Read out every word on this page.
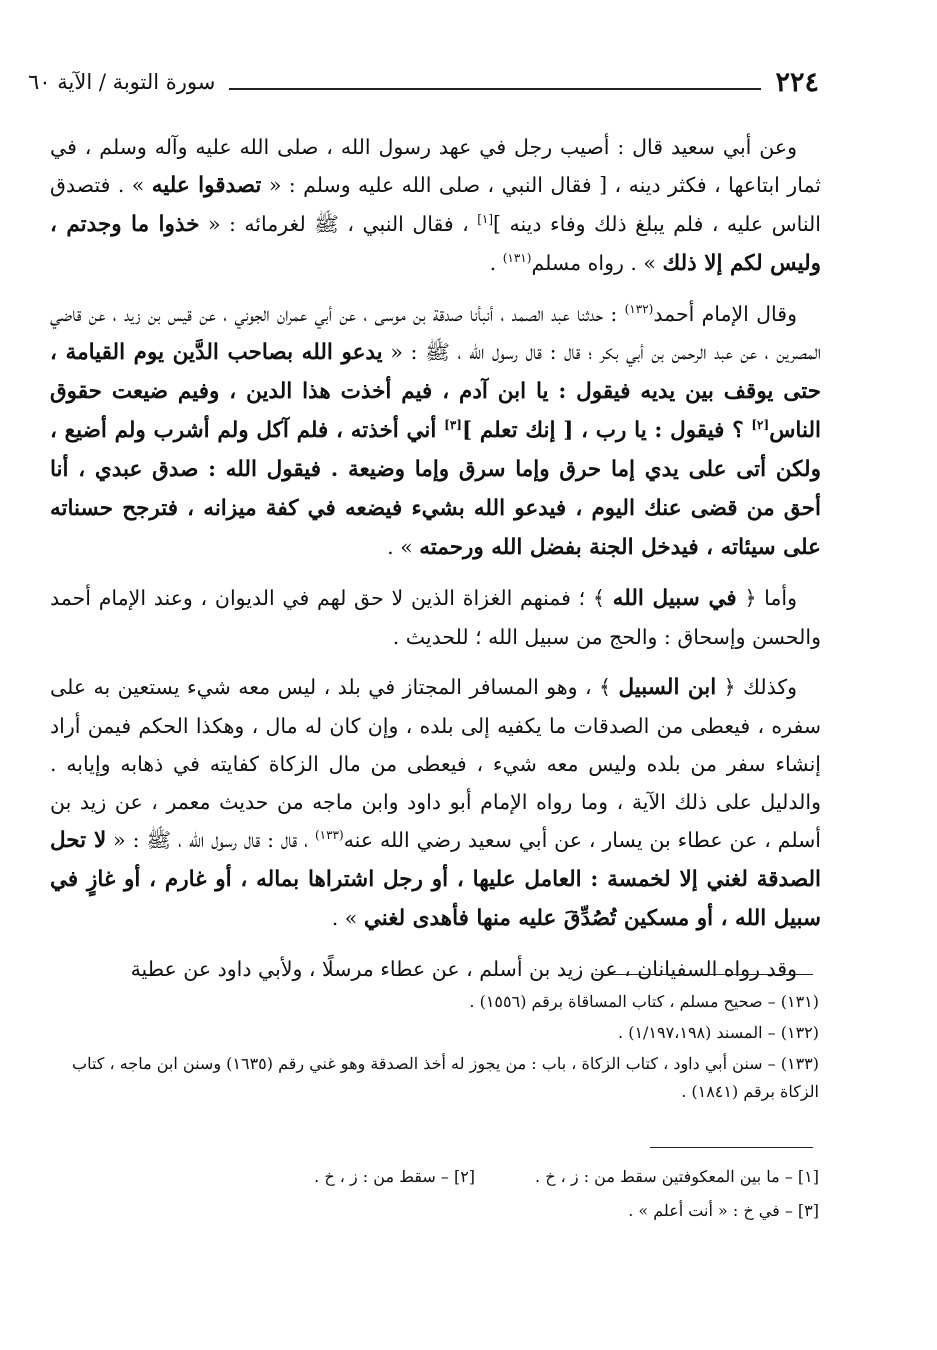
٢٢٤
سورة التوبة / الآية ٦٠

وعن أبي سعيد قال : أصيب رجل في عهد رسول الله ، صلى الله عليه وآله وسلم ، في ثمار ابتاعها ، فكثر دينه ، [ فقال النبي ، صلى الله عليه وسلم : « تصدقوا عليه » . فتصدق الناس عليه ، فلم يبلغ ذلك وفاء دينه ][١] ، فقال النبي ، ﷺ لغرمائه : « خذوا ما وجدتم ، وليس لكم إلا ذلك » . رواه مسلم$^{(١٣١)}$ .

وقال الإمام أحمد$^{(١٣٢)}$ : حدثنا عبد الصمد ، أنبأنا صدقة بن موسى ، عن أبي عمران الجوني ، عن قيس بن زيد ، عن قاضي المصرين ، عن عبد الرحمن بن أبي بكر ؛ قال : قال رسول الله ، ﷺ : « يدعو الله بصاحب الدَّين يوم القيامة ، حتى يوقف بين يديه فيقول : يا ابن آدم ، فيم أخذت هذا الدين ، وفيم ضيعت حقوق الناس[٢] ؟ فيقول : يا رب ، [ إنك تعلم ][٣] أني أخذته ، فلم آكل ولم أشرب ولم أضيع ، ولكن أتى على يدي إما حرق وإما سرق وإما وضيعة . فيقول الله : صدق عبدي ، أنا أحق من قضى عنك اليوم ، فيدعو الله بشيء فيضعه في كفة ميزانه ، فترجح حسناته على سيئاته ، فيدخل الجنة بفضل الله ورحمته » .

وأما ﴿ في سبيل الله ﴾ ؛ فمنهم الغزاة الذين لا حق لهم في الديوان ، وعند الإمام أحمد والحسن وإسحاق : والحج من سبيل الله ؛ للحديث .

وكذلك ﴿ ابن السبيل ﴾ ، وهو المسافر المجتاز في بلد ، ليس معه شيء يستعين به على سفره ، فيعطى من الصدقات ما يكفيه إلى بلده ، وإن كان له مال ، وهكذا الحكم فيمن أراد إنشاء سفر من بلده وليس معه شيء ، فيعطى من مال الزكاة كفايته في ذهابه وإيابه . والدليل على ذلك الآية ، وما رواه الإمام أبو داود وابن ماجه من حديث معمر ، عن زيد بن أسلم ، عن عطاء بن يسار ، عن أبي سعيد رضي الله عنه$^{(١٣٣)}$ ، قال : قال رسول الله ، ﷺ : « لا تحل الصدقة لغني إلا لخمسة : العامل عليها ، أو رجل اشتراها بماله ، أو غارم ، أو غازٍ في سبيل الله ، أو مسكين تُصُدِّقَ عليه منها فأهدى لغني » .

وقد رواه السفيانان ، عن زيد بن أسلم ، عن عطاء مرسلًا ، ولأبي داود عن عطية

(١٣١) – صحيح مسلم ، كتاب المساقاة برقم (١٥٥٦) .

(١٣٢) – المسند (١/١٩٧،١٩٨) .

(١٣٣) – سنن أبي داود ، كتاب الزكاة ، باب : من يجوز له أخذ الصدقة وهو غني رقم (١٦٣٥) وسنن ابن ماجه ، كتاب الزكاة برقم (١٨٤١) .

[١] – ما بين المعكوفتين سقط من : ز ، خ .
[٢] – سقط من : ز ، خ .
[٣] – في خ : « أنت أعلم » .
